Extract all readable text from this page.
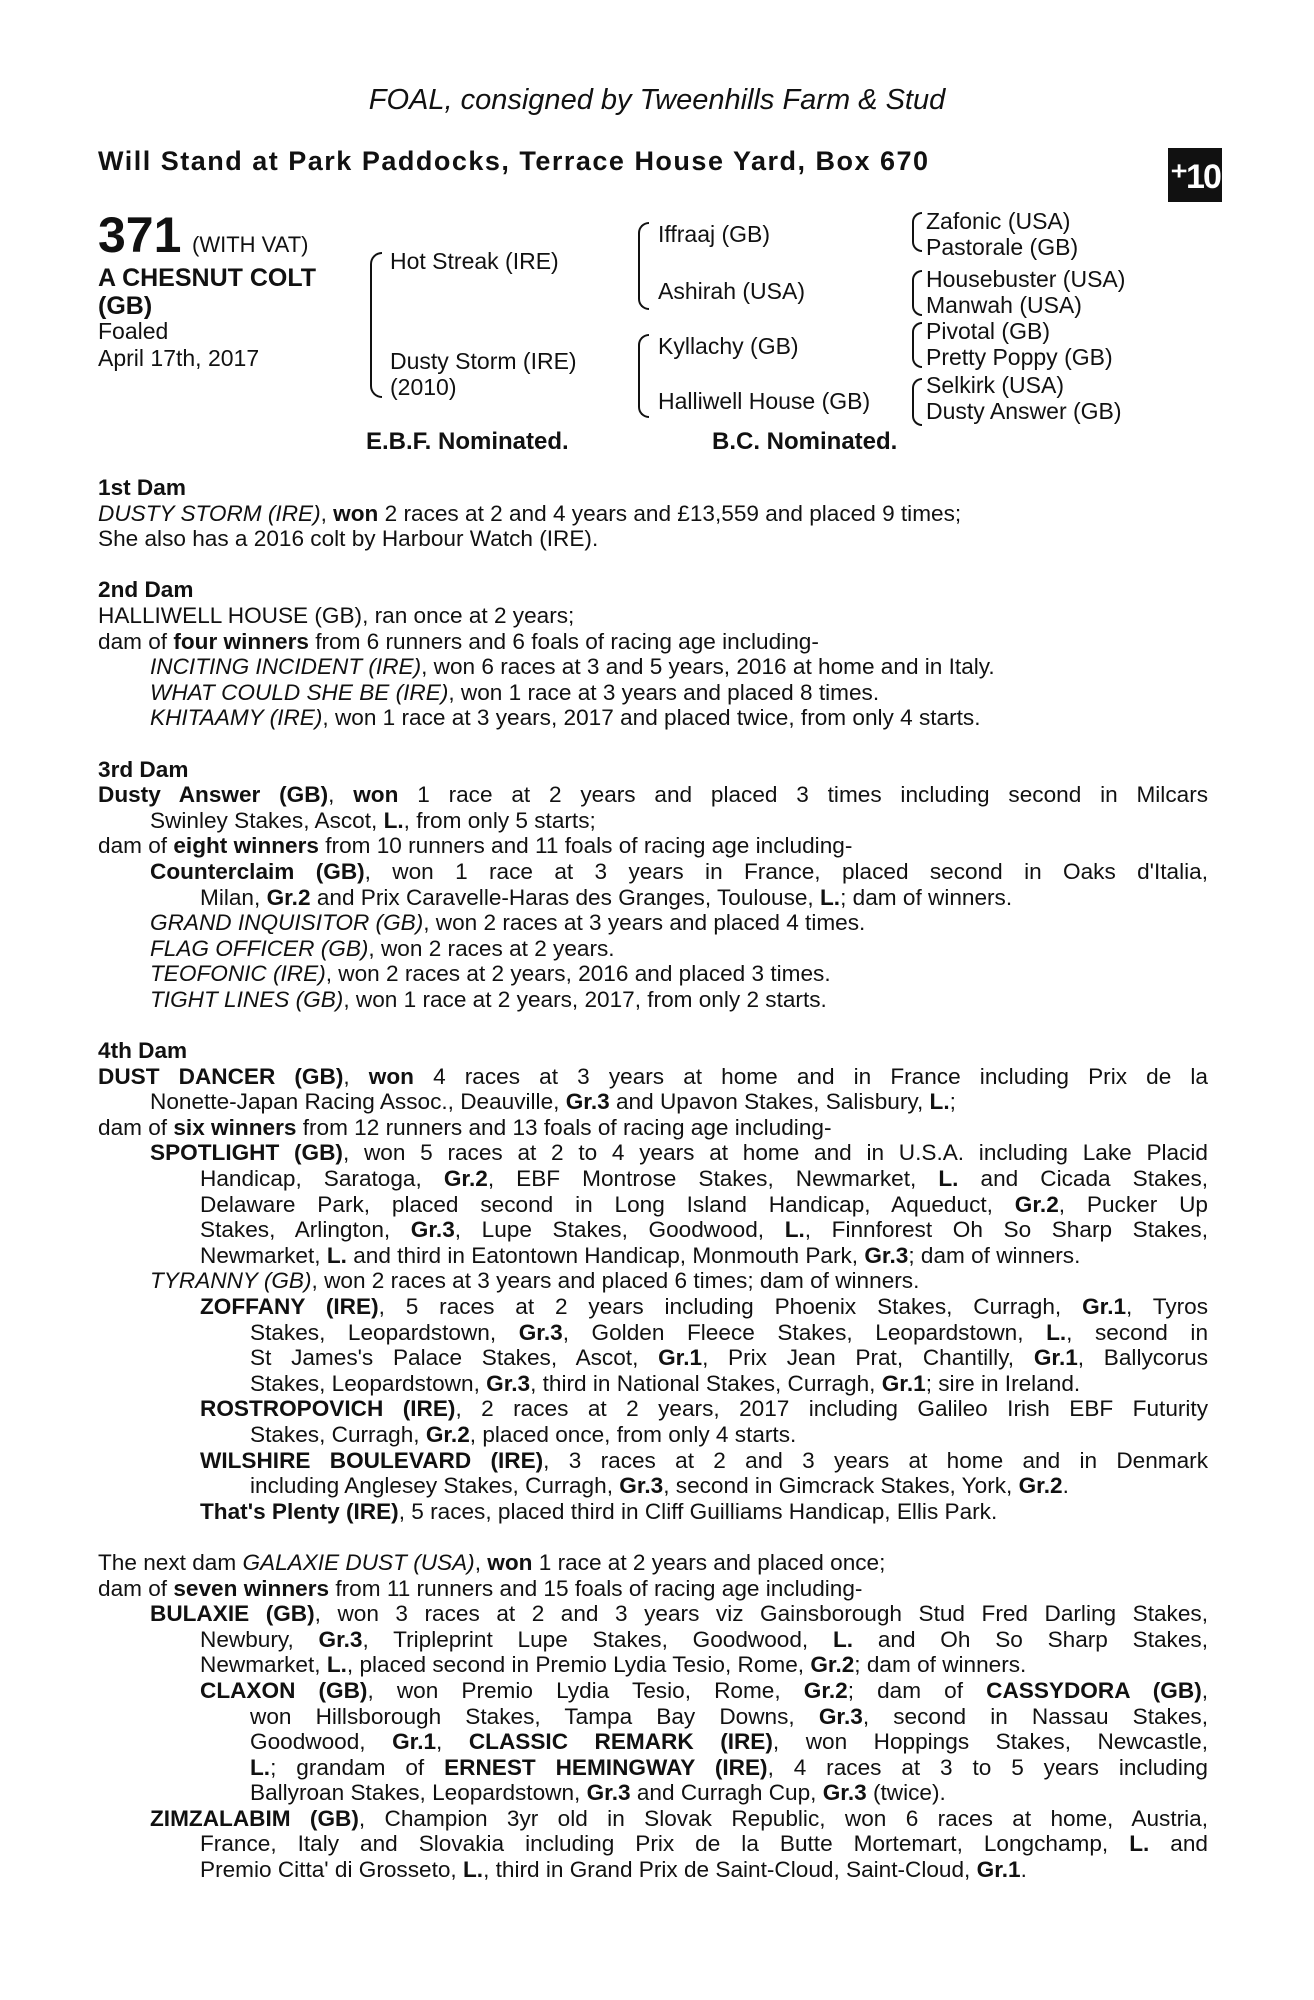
FOAL, consigned by Tweenhills Farm & Stud
Will Stand at Park Paddocks, Terrace House Yard, Box 670	⁺10
371 (WITH VAT)
A CHESNUT COLT
(GB)
Foaled
April 17th, 2017
Hot Streak (IRE)
Dusty Storm (IRE)
(2010)
Iffraaj (GB)
Ashirah (USA)
Kyllachy (GB)
Halliwell House (GB)
Zafonic (USA)
Pastorale (GB)
Housebuster (USA)
Manwah (USA)
Pivotal (GB)
Pretty Poppy (GB)
Selkirk (USA)
Dusty Answer (GB)
E.B.F. Nominated.	B.C. Nominated.
1st Dam
DUSTY STORM (IRE), won 2 races at 2 and 4 years and £13,559 and placed 9 times;
She also has a 2016 colt by Harbour Watch (IRE).
2nd Dam
HALLIWELL HOUSE (GB), ran once at 2 years;
dam of four winners from 6 runners and 6 foals of racing age including-
INCITING INCIDENT (IRE), won 6 races at 3 and 5 years, 2016 at home and in Italy.
WHAT COULD SHE BE (IRE), won 1 race at 3 years and placed 8 times.
KHITAAMY (IRE), won 1 race at 3 years, 2017 and placed twice, from only 4 starts.
3rd Dam
Dusty Answer (GB), won 1 race at 2 years and placed 3 times including second in Milcars
Swinley Stakes, Ascot, L., from only 5 starts;
dam of eight winners from 10 runners and 11 foals of racing age including-
Counterclaim (GB), won 1 race at 3 years in France, placed second in Oaks d'Italia,
Milan, Gr.2 and Prix Caravelle-Haras des Granges, Toulouse, L.; dam of winners.
GRAND INQUISITOR (GB), won 2 races at 3 years and placed 4 times.
FLAG OFFICER (GB), won 2 races at 2 years.
TEOFONIC (IRE), won 2 races at 2 years, 2016 and placed 3 times.
TIGHT LINES (GB), won 1 race at 2 years, 2017, from only 2 starts.
4th Dam
DUST DANCER (GB), won 4 races at 3 years at home and in France including Prix de la
Nonette-Japan Racing Assoc., Deauville, Gr.3 and Upavon Stakes, Salisbury, L.;
dam of six winners from 12 runners and 13 foals of racing age including-
SPOTLIGHT (GB), won 5 races at 2 to 4 years at home and in U.S.A. including Lake Placid
Handicap, Saratoga, Gr.2, EBF Montrose Stakes, Newmarket, L. and Cicada Stakes,
Delaware Park, placed second in Long Island Handicap, Aqueduct, Gr.2, Pucker Up
Stakes, Arlington, Gr.3, Lupe Stakes, Goodwood, L., Finnforest Oh So Sharp Stakes,
Newmarket, L. and third in Eatontown Handicap, Monmouth Park, Gr.3; dam of winners.
TYRANNY (GB), won 2 races at 3 years and placed 6 times; dam of winners.
ZOFFANY (IRE), 5 races at 2 years including Phoenix Stakes, Curragh, Gr.1, Tyros
Stakes, Leopardstown, Gr.3, Golden Fleece Stakes, Leopardstown, L., second in
St James's Palace Stakes, Ascot, Gr.1, Prix Jean Prat, Chantilly, Gr.1, Ballycorus
Stakes, Leopardstown, Gr.3, third in National Stakes, Curragh, Gr.1; sire in Ireland.
ROSTROPOVICH (IRE), 2 races at 2 years, 2017 including Galileo Irish EBF Futurity
Stakes, Curragh, Gr.2, placed once, from only 4 starts.
WILSHIRE BOULEVARD (IRE), 3 races at 2 and 3 years at home and in Denmark
including Anglesey Stakes, Curragh, Gr.3, second in Gimcrack Stakes, York, Gr.2.
That's Plenty (IRE), 5 races, placed third in Cliff Guilliams Handicap, Ellis Park.
The next dam GALAXIE DUST (USA), won 1 race at 2 years and placed once;
dam of seven winners from 11 runners and 15 foals of racing age including-
BULAXIE (GB), won 3 races at 2 and 3 years viz Gainsborough Stud Fred Darling Stakes,
Newbury, Gr.3, Tripleprint Lupe Stakes, Goodwood, L. and Oh So Sharp Stakes,
Newmarket, L., placed second in Premio Lydia Tesio, Rome, Gr.2; dam of winners.
CLAXON (GB), won Premio Lydia Tesio, Rome, Gr.2; dam of CASSYDORA (GB),
won Hillsborough Stakes, Tampa Bay Downs, Gr.3, second in Nassau Stakes,
Goodwood, Gr.1, CLASSIC REMARK (IRE), won Hoppings Stakes, Newcastle,
L.; grandam of ERNEST HEMINGWAY (IRE), 4 races at 3 to 5 years including
Ballyroan Stakes, Leopardstown, Gr.3 and Curragh Cup, Gr.3 (twice).
ZIMZALABIM (GB), Champion 3yr old in Slovak Republic, won 6 races at home, Austria,
France, Italy and Slovakia including Prix de la Butte Mortemart, Longchamp, L. and
Premio Citta' di Grosseto, L., third in Grand Prix de Saint-Cloud, Saint-Cloud, Gr.1.
